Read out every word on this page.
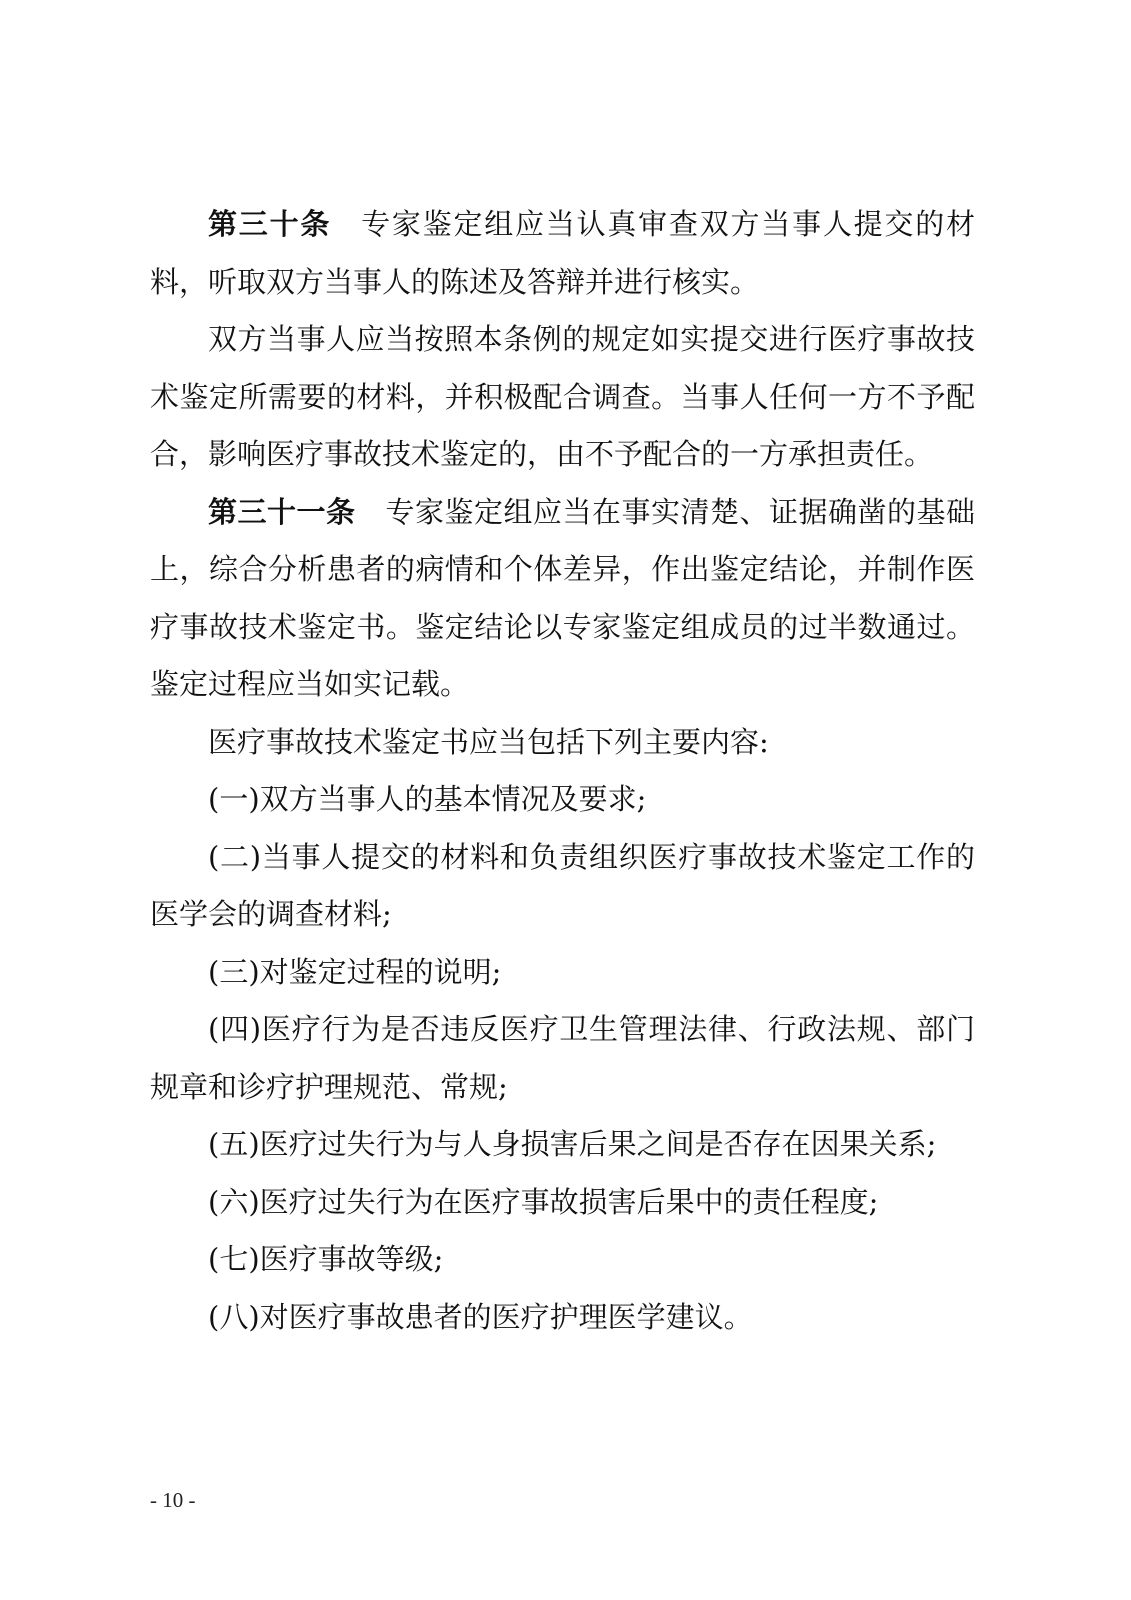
第三十条 专家鉴定组应当认真审查双方当事人提交的材料，听取双方当事人的陈述及答辩并进行核实。

双方当事人应当按照本条例的规定如实提交进行医疗事故技术鉴定所需要的材料，并积极配合调查。当事人任何一方不予配合，影响医疗事故技术鉴定的，由不予配合的一方承担责任。

第三十一条 专家鉴定组应当在事实清楚、证据确凿的基础上，综合分析患者的病情和个体差异，作出鉴定结论，并制作医疗事故技术鉴定书。鉴定结论以专家鉴定组成员的过半数通过。鉴定过程应当如实记载。

医疗事故技术鉴定书应当包括下列主要内容:

(一)双方当事人的基本情况及要求;

(二)当事人提交的材料和负责组织医疗事故技术鉴定工作的医学会的调查材料;

(三)对鉴定过程的说明;

(四)医疗行为是否违反医疗卫生管理法律、行政法规、部门规章和诊疗护理规范、常规;

(五)医疗过失行为与人身损害后果之间是否存在因果关系;

(六)医疗过失行为在医疗事故损害后果中的责任程度;

(七)医疗事故等级;

(八)对医疗事故患者的医疗护理医学建议。

- 10 -
